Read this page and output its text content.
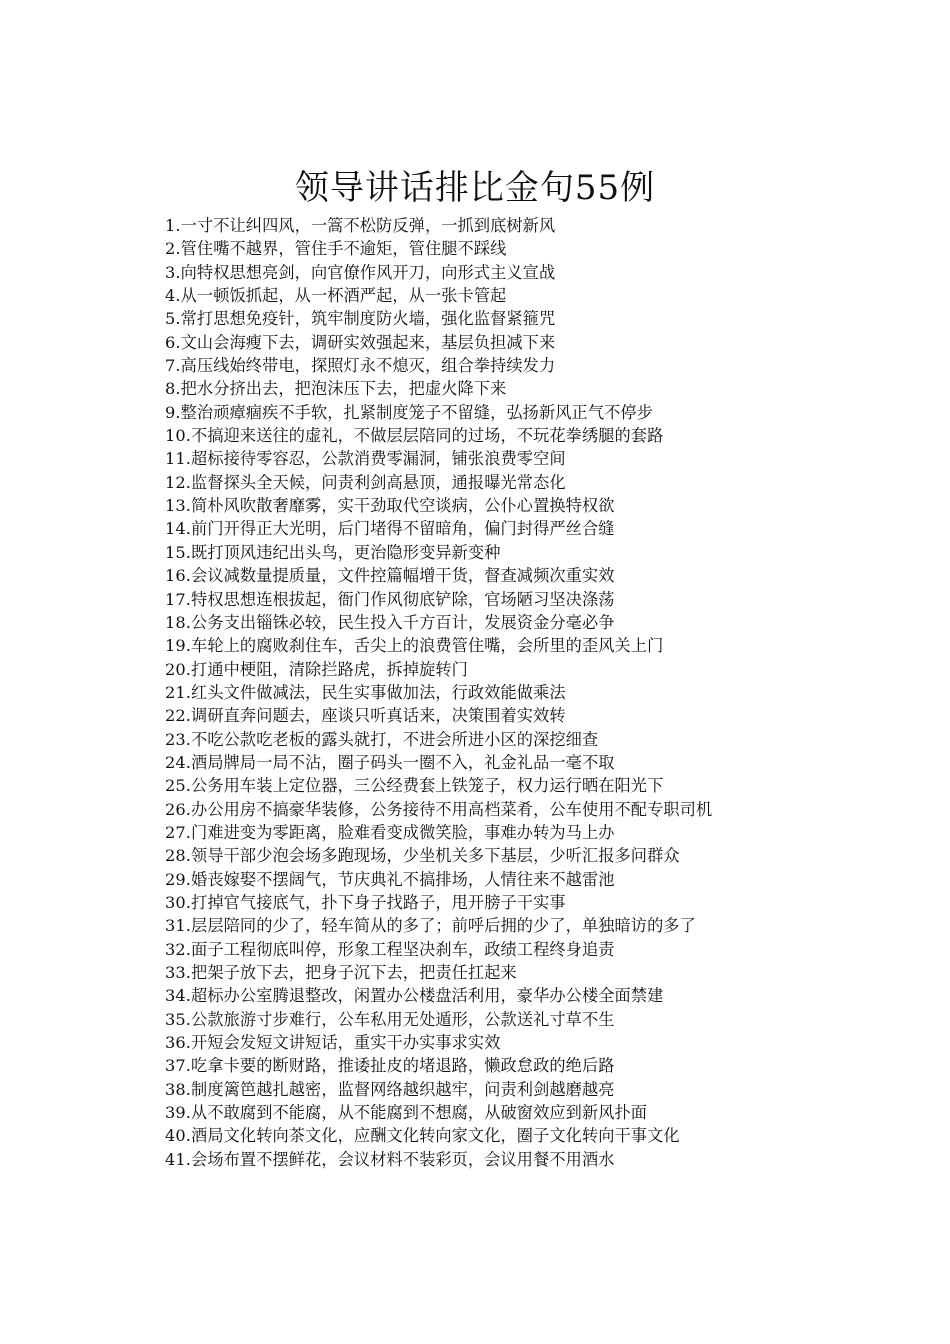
领导讲话排比金句55例
1.一寸不让纠四风，一篙不松防反弹，一抓到底树新风
2.管住嘴不越界，管住手不逾矩，管住腿不踩线
3.向特权思想亮剑，向官僚作风开刀，向形式主义宣战
4.从一顿饭抓起，从一杯酒严起，从一张卡管起
5.常打思想免疫针，筑牢制度防火墙，强化监督紧箍咒
6.文山会海瘦下去，调研实效强起来，基层负担减下来
7.高压线始终带电，探照灯永不熄灭，组合拳持续发力
8.把水分挤出去，把泡沫压下去，把虚火降下来
9.整治顽瘴痼疾不手软，扎紧制度笼子不留缝，弘扬新风正气不停步
10.不搞迎来送往的虚礼，不做层层陪同的过场，不玩花拳绣腿的套路
11.超标接待零容忍，公款消费零漏洞，铺张浪费零空间
12.监督探头全天候，问责利剑高悬顶，通报曝光常态化
13.简朴风吹散奢靡雾，实干劲取代空谈病，公仆心置换特权欲
14.前门开得正大光明，后门堵得不留暗角，偏门封得严丝合缝
15.既打顶风违纪出头鸟，更治隐形变异新变种
16.会议减数量提质量，文件控篇幅增干货，督查减频次重实效
17.特权思想连根拔起，衙门作风彻底铲除，官场陋习坚决涤荡
18.公务支出锱铢必较，民生投入千方百计，发展资金分毫必争
19.车轮上的腐败刹住车，舌尖上的浪费管住嘴，会所里的歪风关上门
20.打通中梗阻，清除拦路虎，拆掉旋转门
21.红头文件做减法，民生实事做加法，行政效能做乘法
22.调研直奔问题去，座谈只听真话来，决策围着实效转
23.不吃公款吃老板的露头就打，不进会所进小区的深挖细查
24.酒局牌局一局不沾，圈子码头一圈不入，礼金礼品一毫不取
25.公务用车装上定位器，三公经费套上铁笼子，权力运行晒在阳光下
26.办公用房不搞豪华装修，公务接待不用高档菜肴，公车使用不配专职司机
27.门难进变为零距离，脸难看变成微笑脸，事难办转为马上办
28.领导干部少泡会场多跑现场，少坐机关多下基层，少听汇报多问群众
29.婚丧嫁娶不摆阔气，节庆典礼不搞排场，人情往来不越雷池
30.打掉官气接底气，扑下身子找路子，甩开膀子干实事
31.层层陪同的少了，轻车简从的多了；前呼后拥的少了，单独暗访的多了
32.面子工程彻底叫停，形象工程坚决刹车，政绩工程终身追责
33.把架子放下去，把身子沉下去，把责任扛起来
34.超标办公室腾退整改，闲置办公楼盘活利用，豪华办公楼全面禁建
35.公款旅游寸步难行，公车私用无处遁形，公款送礼寸草不生
36.开短会发短文讲短话，重实干办实事求实效
37.吃拿卡要的断财路，推诿扯皮的堵退路，懒政怠政的绝后路
38.制度篱笆越扎越密，监督网络越织越牢，问责利剑越磨越亮
39.从不敢腐到不能腐，从不能腐到不想腐，从破窗效应到新风扑面
40.酒局文化转向茶文化，应酬文化转向家文化，圈子文化转向干事文化
41.会场布置不摆鲜花，会议材料不装彩页，会议用餐不用酒水
